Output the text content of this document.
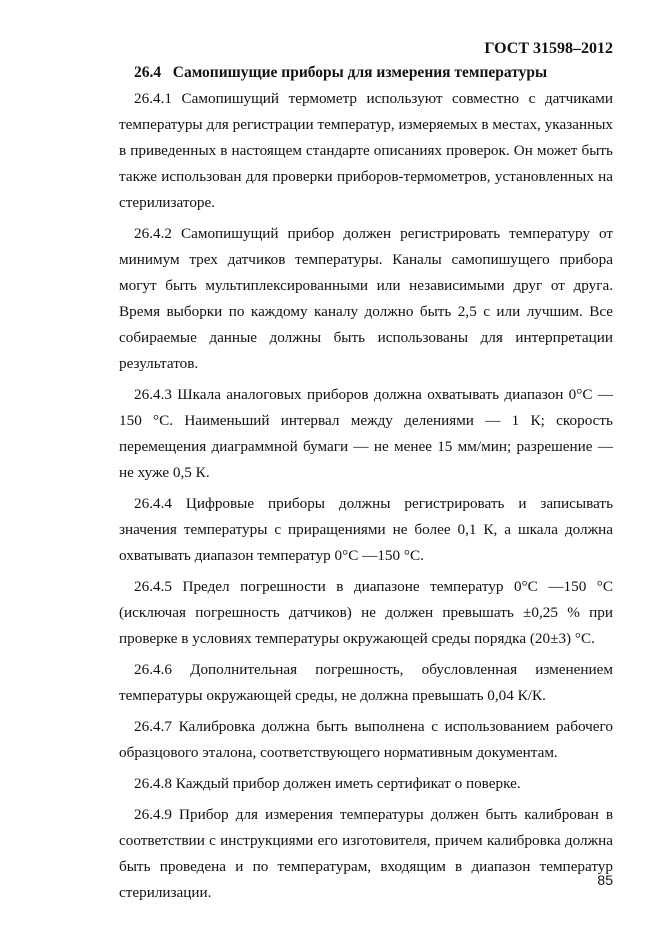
ГОСТ 31598–2012
26.4   Самопишущие приборы для измерения температуры

26.4.1 Самопишущий термометр используют совместно с датчиками температуры для регистрации температур, измеряемых в местах, указанных в приведенных в настоящем стандарте описаниях проверок. Он может быть также использован для проверки приборов-термометров, установленных на стерилизаторе.

26.4.2 Самопишущий прибор должен регистрировать температуру от минимум трех датчиков температуры. Каналы самопишущего прибора могут быть мультиплексированными или независимыми друг от друга. Время выборки по каждому каналу должно быть 2,5 с или лучшим. Все собираемые данные должны быть использованы для интерпретации результатов.

26.4.3 Шкала аналоговых приборов должна охватывать диапазон 0°С —150 °С. Наименьший интервал между делениями — 1 К; скорость перемещения диаграммной бумаги — не менее 15 мм/мин; разрешение — не хуже 0,5 К.

26.4.4 Цифровые приборы должны регистрировать и записывать значения температуры с приращениями не более 0,1 К, а шкала должна охватывать диапазон температур 0°С —150 °С.

26.4.5 Предел погрешности в диапазоне температур 0°С —150 °С (исключая погрешность датчиков) не должен превышать ±0,25 % при проверке в условиях температуры окружающей среды порядка (20±3) °С.

26.4.6 Дополнительная погрешность, обусловленная изменением температуры окружающей среды, не должна превышать 0,04 К/К.

26.4.7 Калибровка должна быть выполнена с использованием рабочего образцового эталона, соответствующего нормативным документам.

26.4.8 Каждый прибор должен иметь сертификат о поверке.

26.4.9 Прибор для измерения температуры должен быть калиброван в соответствии с инструкциями его изготовителя, причем калибровка должна быть проведена и по температурам, входящим в диапазон температур стерилизации.

85
